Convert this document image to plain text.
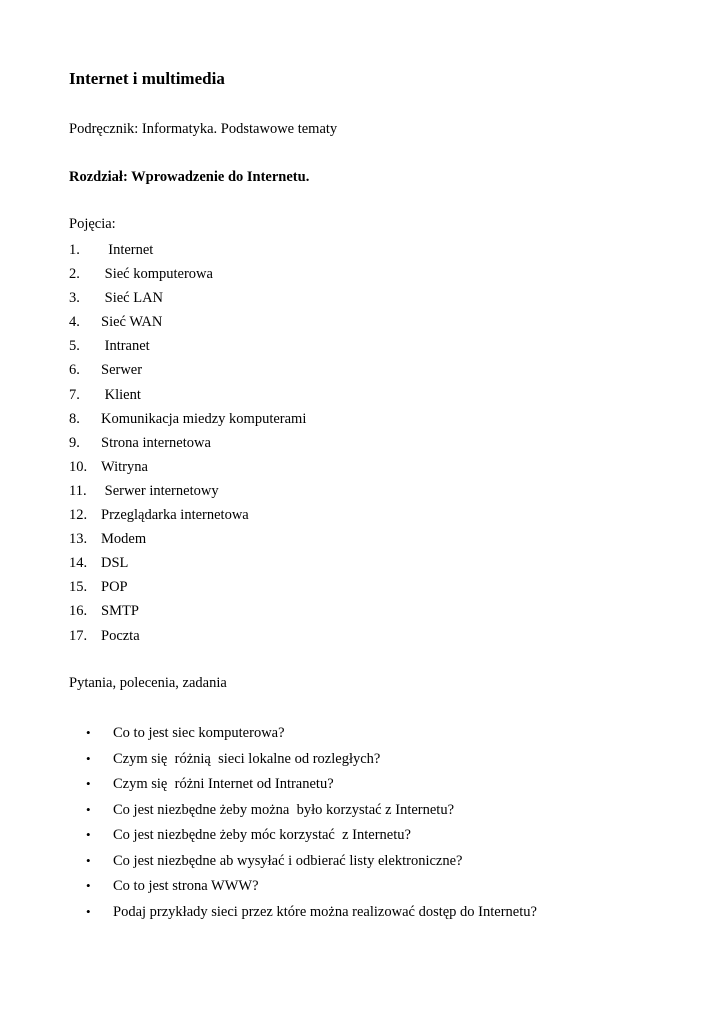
Internet i multimedia

Podręcznik: Informatyka. Podstawowe tematy

Rozdział: Wprowadzenie do Internetu.

Pojęcia:

1.  Internet
2. Sieć komputerowa
3. Sieć LAN
4. Sieć WAN
5. Intranet
6. Serwer
7. Klient
8. Komunikacja miedzy komputerami
9. Strona internetowa
10. Witryna
11. Serwer internetowy
12. Przeglądarka internetowa
13. Modem
14. DSL
15. POP
16. SMTP
17. Poczta

Pytania, polecenia, zadania

• Co to jest siec komputerowa?
• Czym się  różnią  sieci lokalne od rozległych?
• Czym się  różni Internet od Intranetu?
• Co jest niezbędne żeby można  było korzystać z Internetu?
• Co jest niezbędne żeby móc korzystać  z Internetu?
• Co jest niezbędne ab wysyłać i odbierać listy elektroniczne?
• Co to jest strona WWW?
• Podaj przykłady sieci przez które można realizować dostęp do Internetu?
